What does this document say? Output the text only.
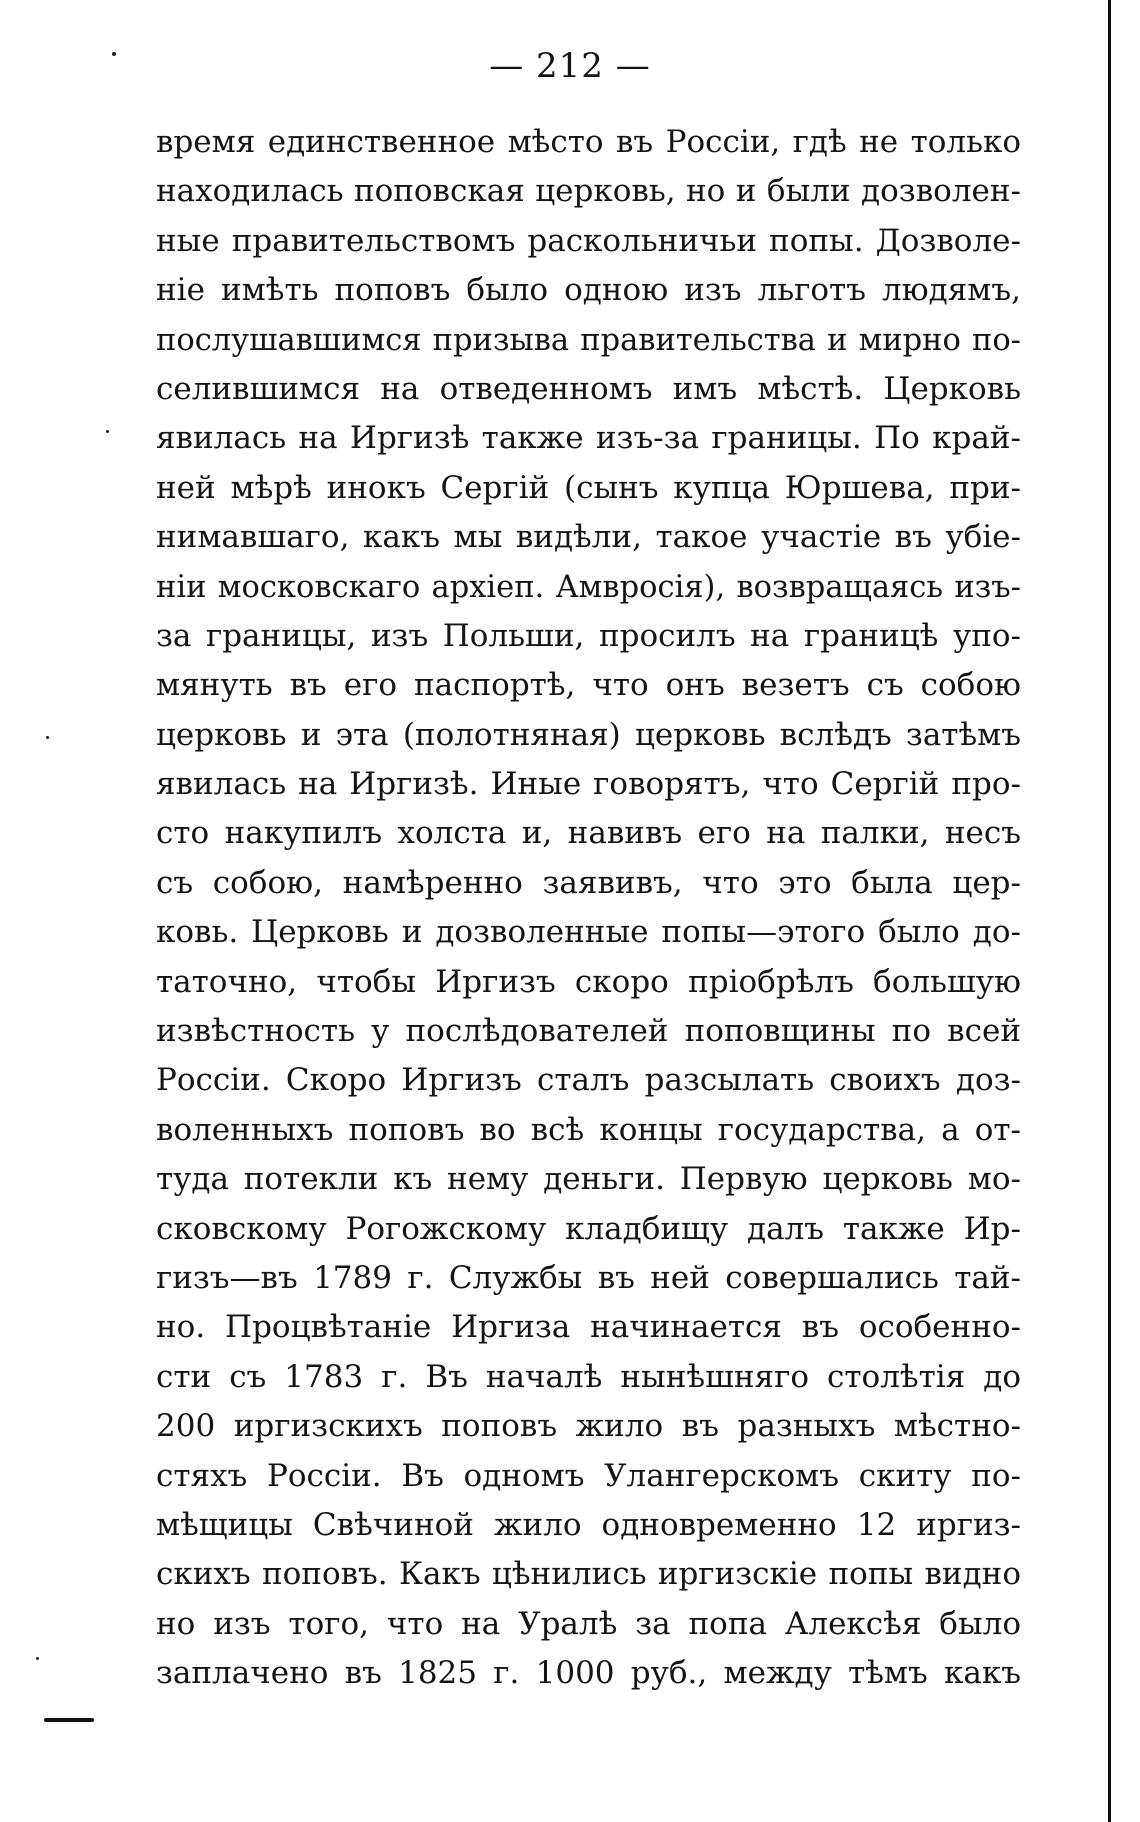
— 212 —
время единственное мѣсто въ Россіи, гдѣ не только
находилась поповская церковь, но и были дозволен-
ные правительствомъ раскольничьи попы. Дозволе-
ніе имѣть поповъ было одною изъ льготъ людямъ,
послушавшимся призыва правительства и мирно по-
селившимся на отведенномъ имъ мѣстѣ. Церковь
явилась на Иргизѣ также изъ-за границы. По край-
ней мѣрѣ инокъ Сергій (сынъ купца Юршева, при-
нимавшаго, какъ мы видѣли, такое участіе въ убіе-
ніи московскаго архіеп. Амвросія), возвращаясь изъ-
за границы, изъ Польши, просилъ на границѣ упо-
мянуть въ его паспортѣ, что онъ везетъ съ собою
церковь и эта (полотняная) церковь вслѣдъ затѣмъ
явилась на Иргизѣ. Иные говорятъ, что Сергій про-
сто накупилъ холста и, навивъ его на палки, несъ
съ собою, намѣренно заявивъ, что это была цер-
ковь. Церковь и дозволенные попы—этого было до-
таточно, чтобы Иргизъ скоро пріобрѣлъ большую
извѣстность у послѣдователей поповщины по всей
Россіи. Скоро Иргизъ сталъ разсылать своихъ доз-
воленныхъ поповъ во всѣ концы государства, а от-
туда потекли къ нему деньги. Первую церковь мо-
сковскому Рогожскому кладбищу далъ также Ир-
гизъ—въ 1789 г. Службы въ ней совершались тай-
но. Процвѣтаніе Иргиза начинается въ особенно-
сти съ 1783 г. Въ началѣ нынѣшняго столѣтія до
200 иргизскихъ поповъ жило въ разныхъ мѣстно-
стяхъ Россіи. Въ одномъ Улангерскомъ скиту по-
мѣщицы Свѣчиной жило одновременно 12 иргиз-
скихъ поповъ. Какъ цѣнились иргизскіе попы видно
но изъ того, что на Уралѣ за попа Алексѣя было
заплачено въ 1825 г. 1000 руб., между тѣмъ какъ
